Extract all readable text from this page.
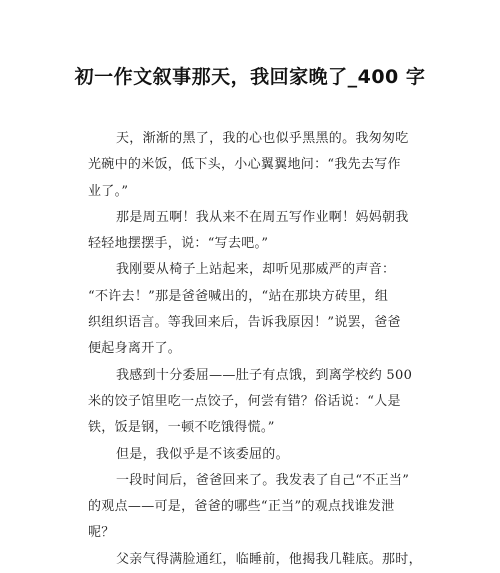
初一作文叙事那天，我回家晚了_400 字
天，渐渐的黑了，我的心也似乎黑黑的。我匆匆吃
光碗中的米饭，低下头，小心翼翼地问：“我先去写作
业了。”
那是周五啊！我从来不在周五写作业啊！妈妈朝我
轻轻地摆摆手，说：“写去吧。”
我刚要从椅子上站起来，却听见那威严的声音：
“不许去！”那是爸爸喊出的，“站在那块方砖里，组
织组织语言。等我回来后，告诉我原因！”说罢，爸爸
便起身离开了。
我感到十分委屈——肚子有点饿，到离学校约 500
米的饺子馆里吃一点饺子，何尝有错？俗话说：“人是
铁，饭是钢，一顿不吃饿得慌。”
但是，我似乎是不该委屈的。
一段时间后，爸爸回来了。我发表了自己“不正当”
的观点——可是，爸爸的哪些“正当”的观点找谁发泄
呢？
父亲气得满脸通红，临睡前，他揭我几鞋底。那时，
